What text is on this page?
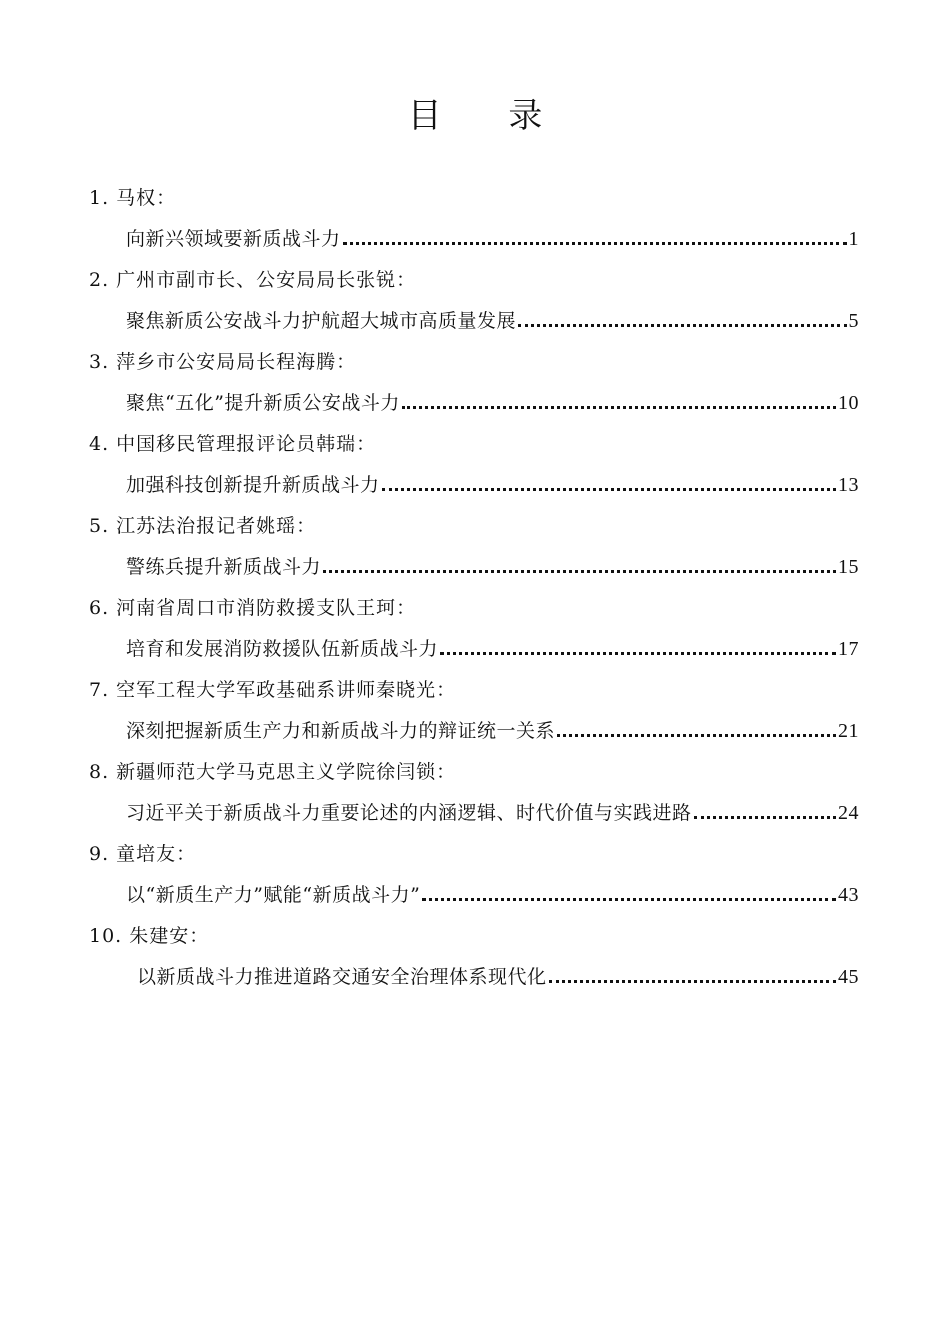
目 录
1. 马权：
向新兴领域要新质战斗力	1
2. 广州市副市长、公安局局长张锐：
聚焦新质公安战斗力护航超大城市高质量发展	5
3. 萍乡市公安局局长程海腾：
聚焦“五化”提升新质公安战斗力	10
4. 中国移民管理报评论员韩瑞：
加强科技创新提升新质战斗力	13
5. 江苏法治报记者姚瑶：
警练兵提升新质战斗力	15
6. 河南省周口市消防救援支队王珂：
培育和发展消防救援队伍新质战斗力	17
7. 空军工程大学军政基础系讲师秦晓光：
深刻把握新质生产力和新质战斗力的辩证统一关系	21
8. 新疆师范大学马克思主义学院徐闫锁：
习近平关于新质战斗力重要论述的内涵逻辑、时代价值与实践进路	24
9. 童培友：
以“新质生产力”赋能“新质战斗力”	43
10. 朱建安：
以新质战斗力推进道路交通安全治理体系现代化	45
